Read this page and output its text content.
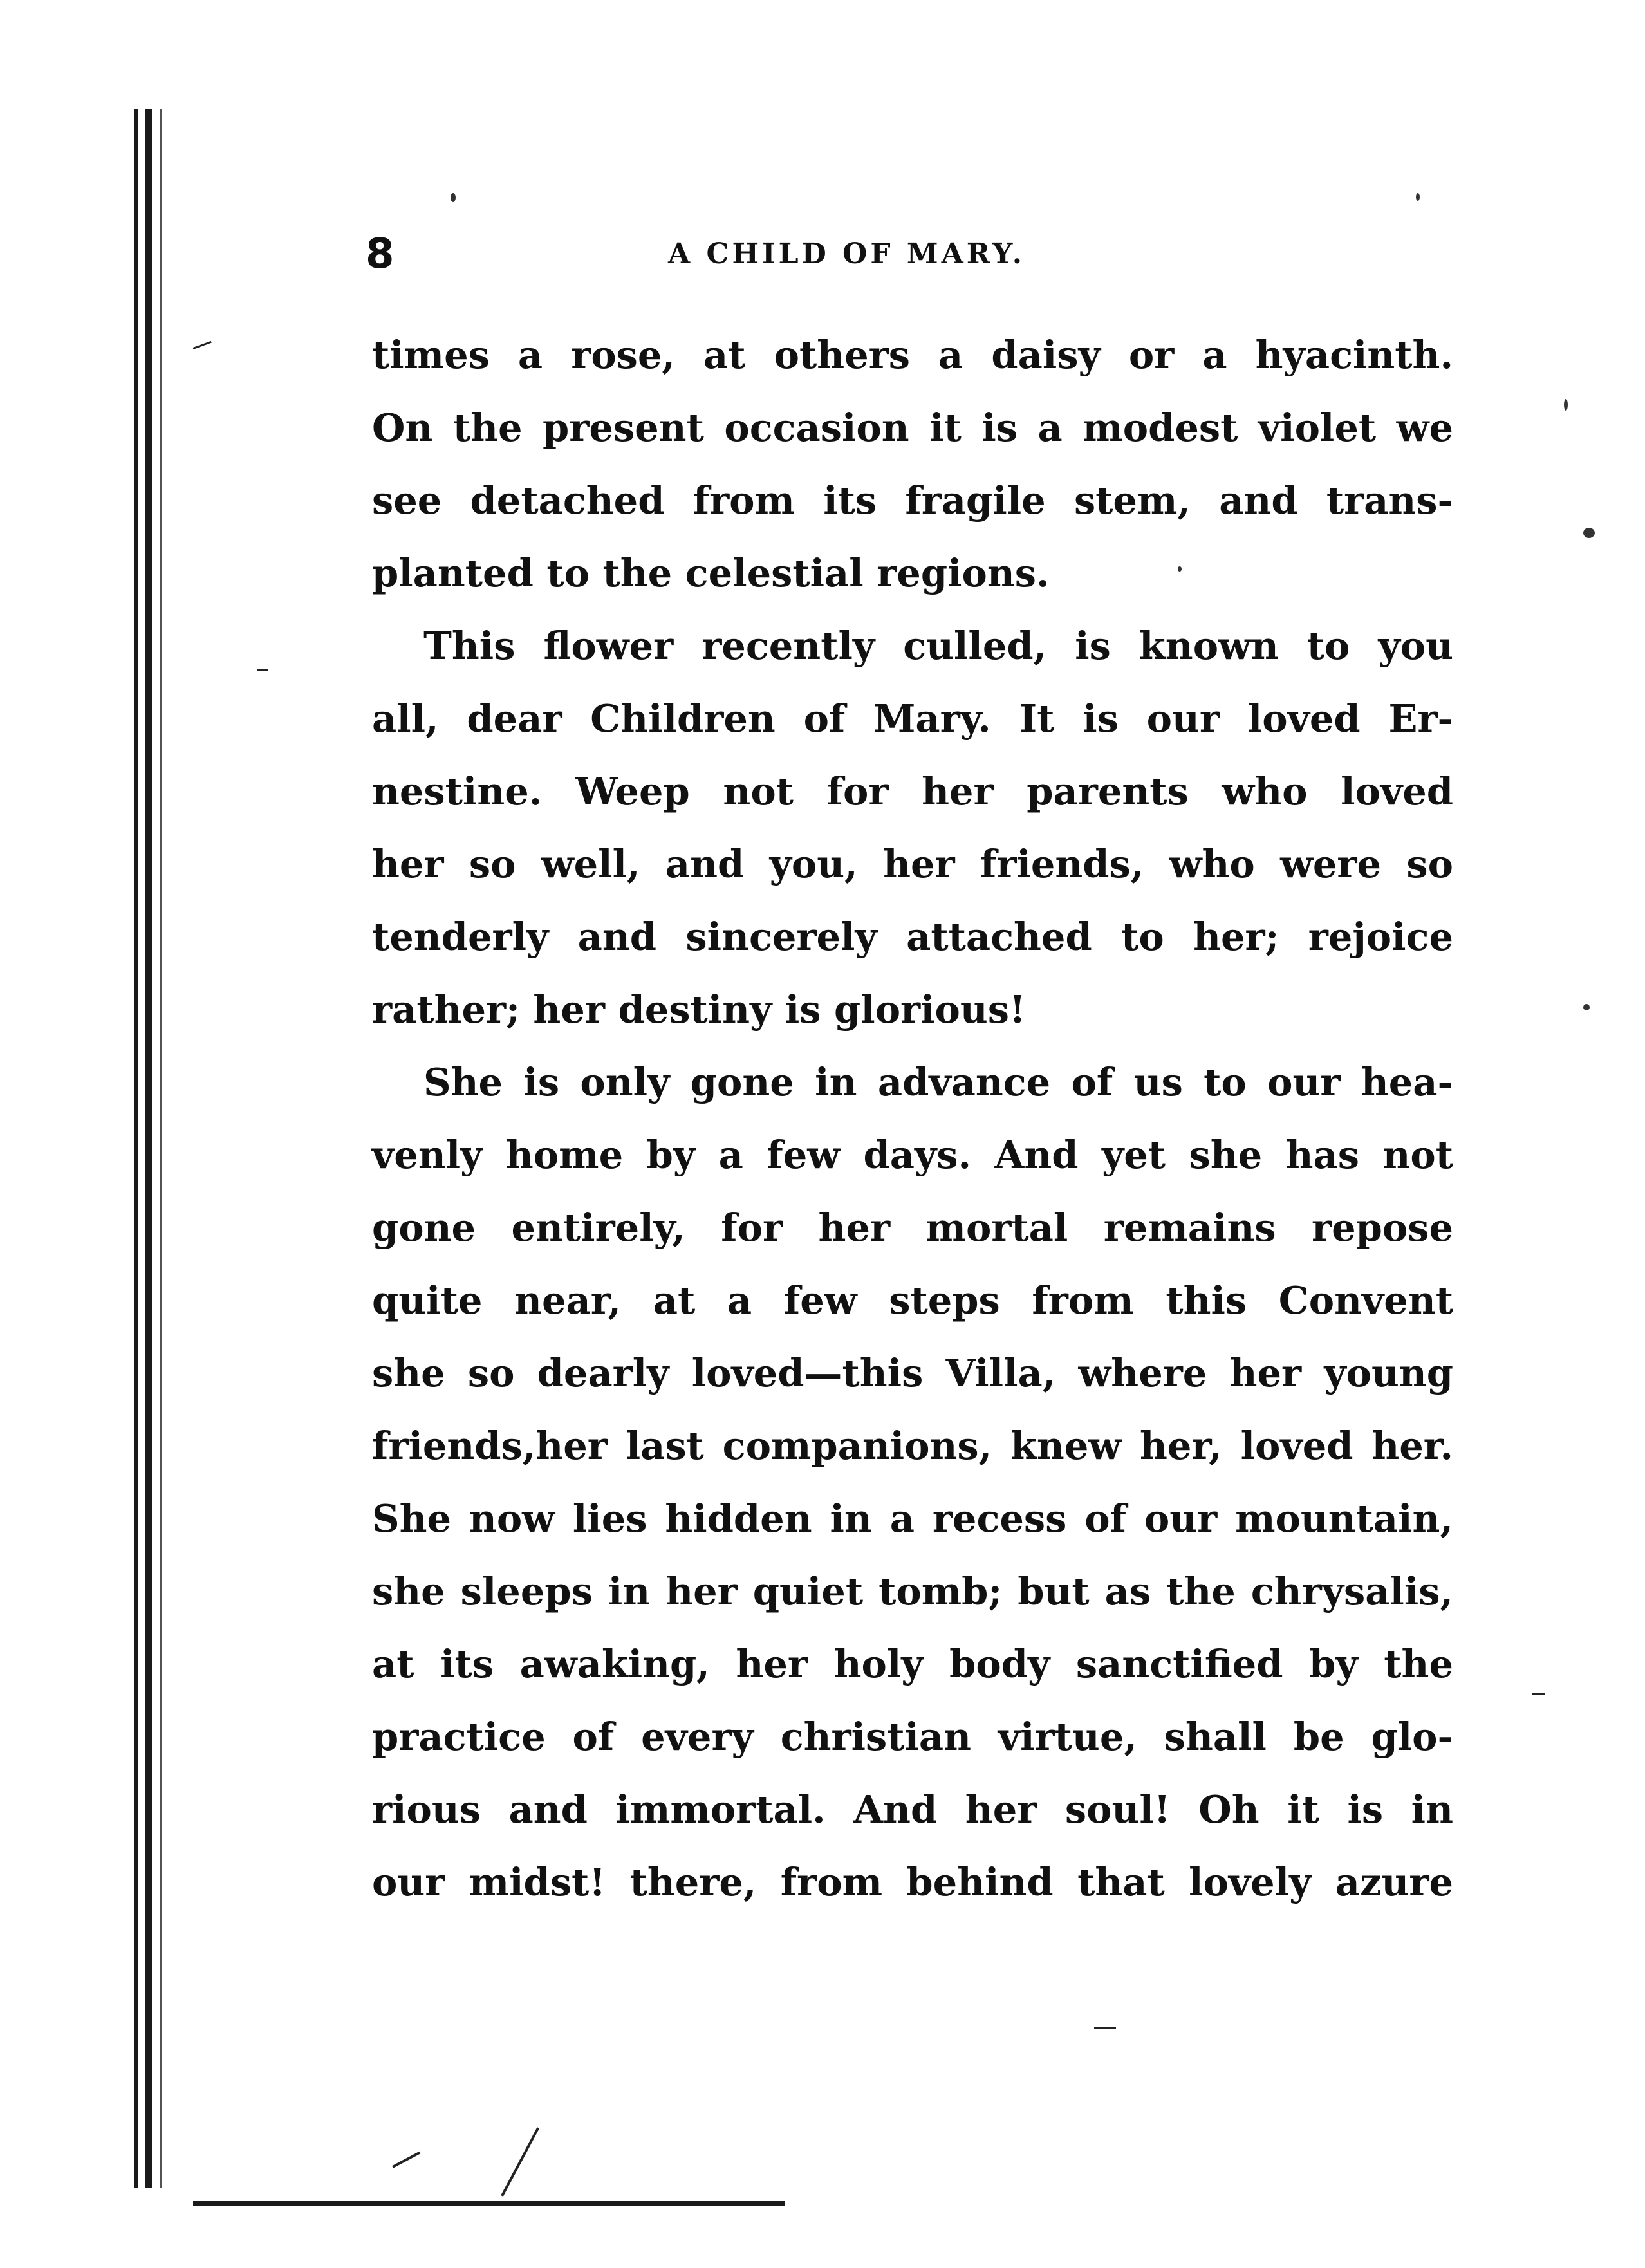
8	A CHILD OF MARY.
times a rose, at others a daisy or a hyacinth.
On the present occasion it is a modest violet we
see detached from its fragile stem, and trans-
planted to the celestial regions.
This flower recently culled, is known to you
all, dear Children of Mary. It is our loved Er-
nestine. Weep not for her parents who loved
her so well, and you, her friends, who were so
tenderly and sincerely attached to her; rejoice
rather; her destiny is glorious!
She is only gone in advance of us to our hea-
venly home by a few days. And yet she has not
gone entirely, for her mortal remains repose
quite near, at a few steps from this Convent
she so dearly loved—this Villa, where her young
friends,her last companions, knew her, loved her.
She now lies hidden in a recess of our mountain,
she sleeps in her quiet tomb; but as the chrysalis,
at its awaking, her holy body sanctified by the
practice of every christian virtue, shall be glo-
rious and immortal. And her soul! Oh it is in
our midst! there, from behind that lovely azure
